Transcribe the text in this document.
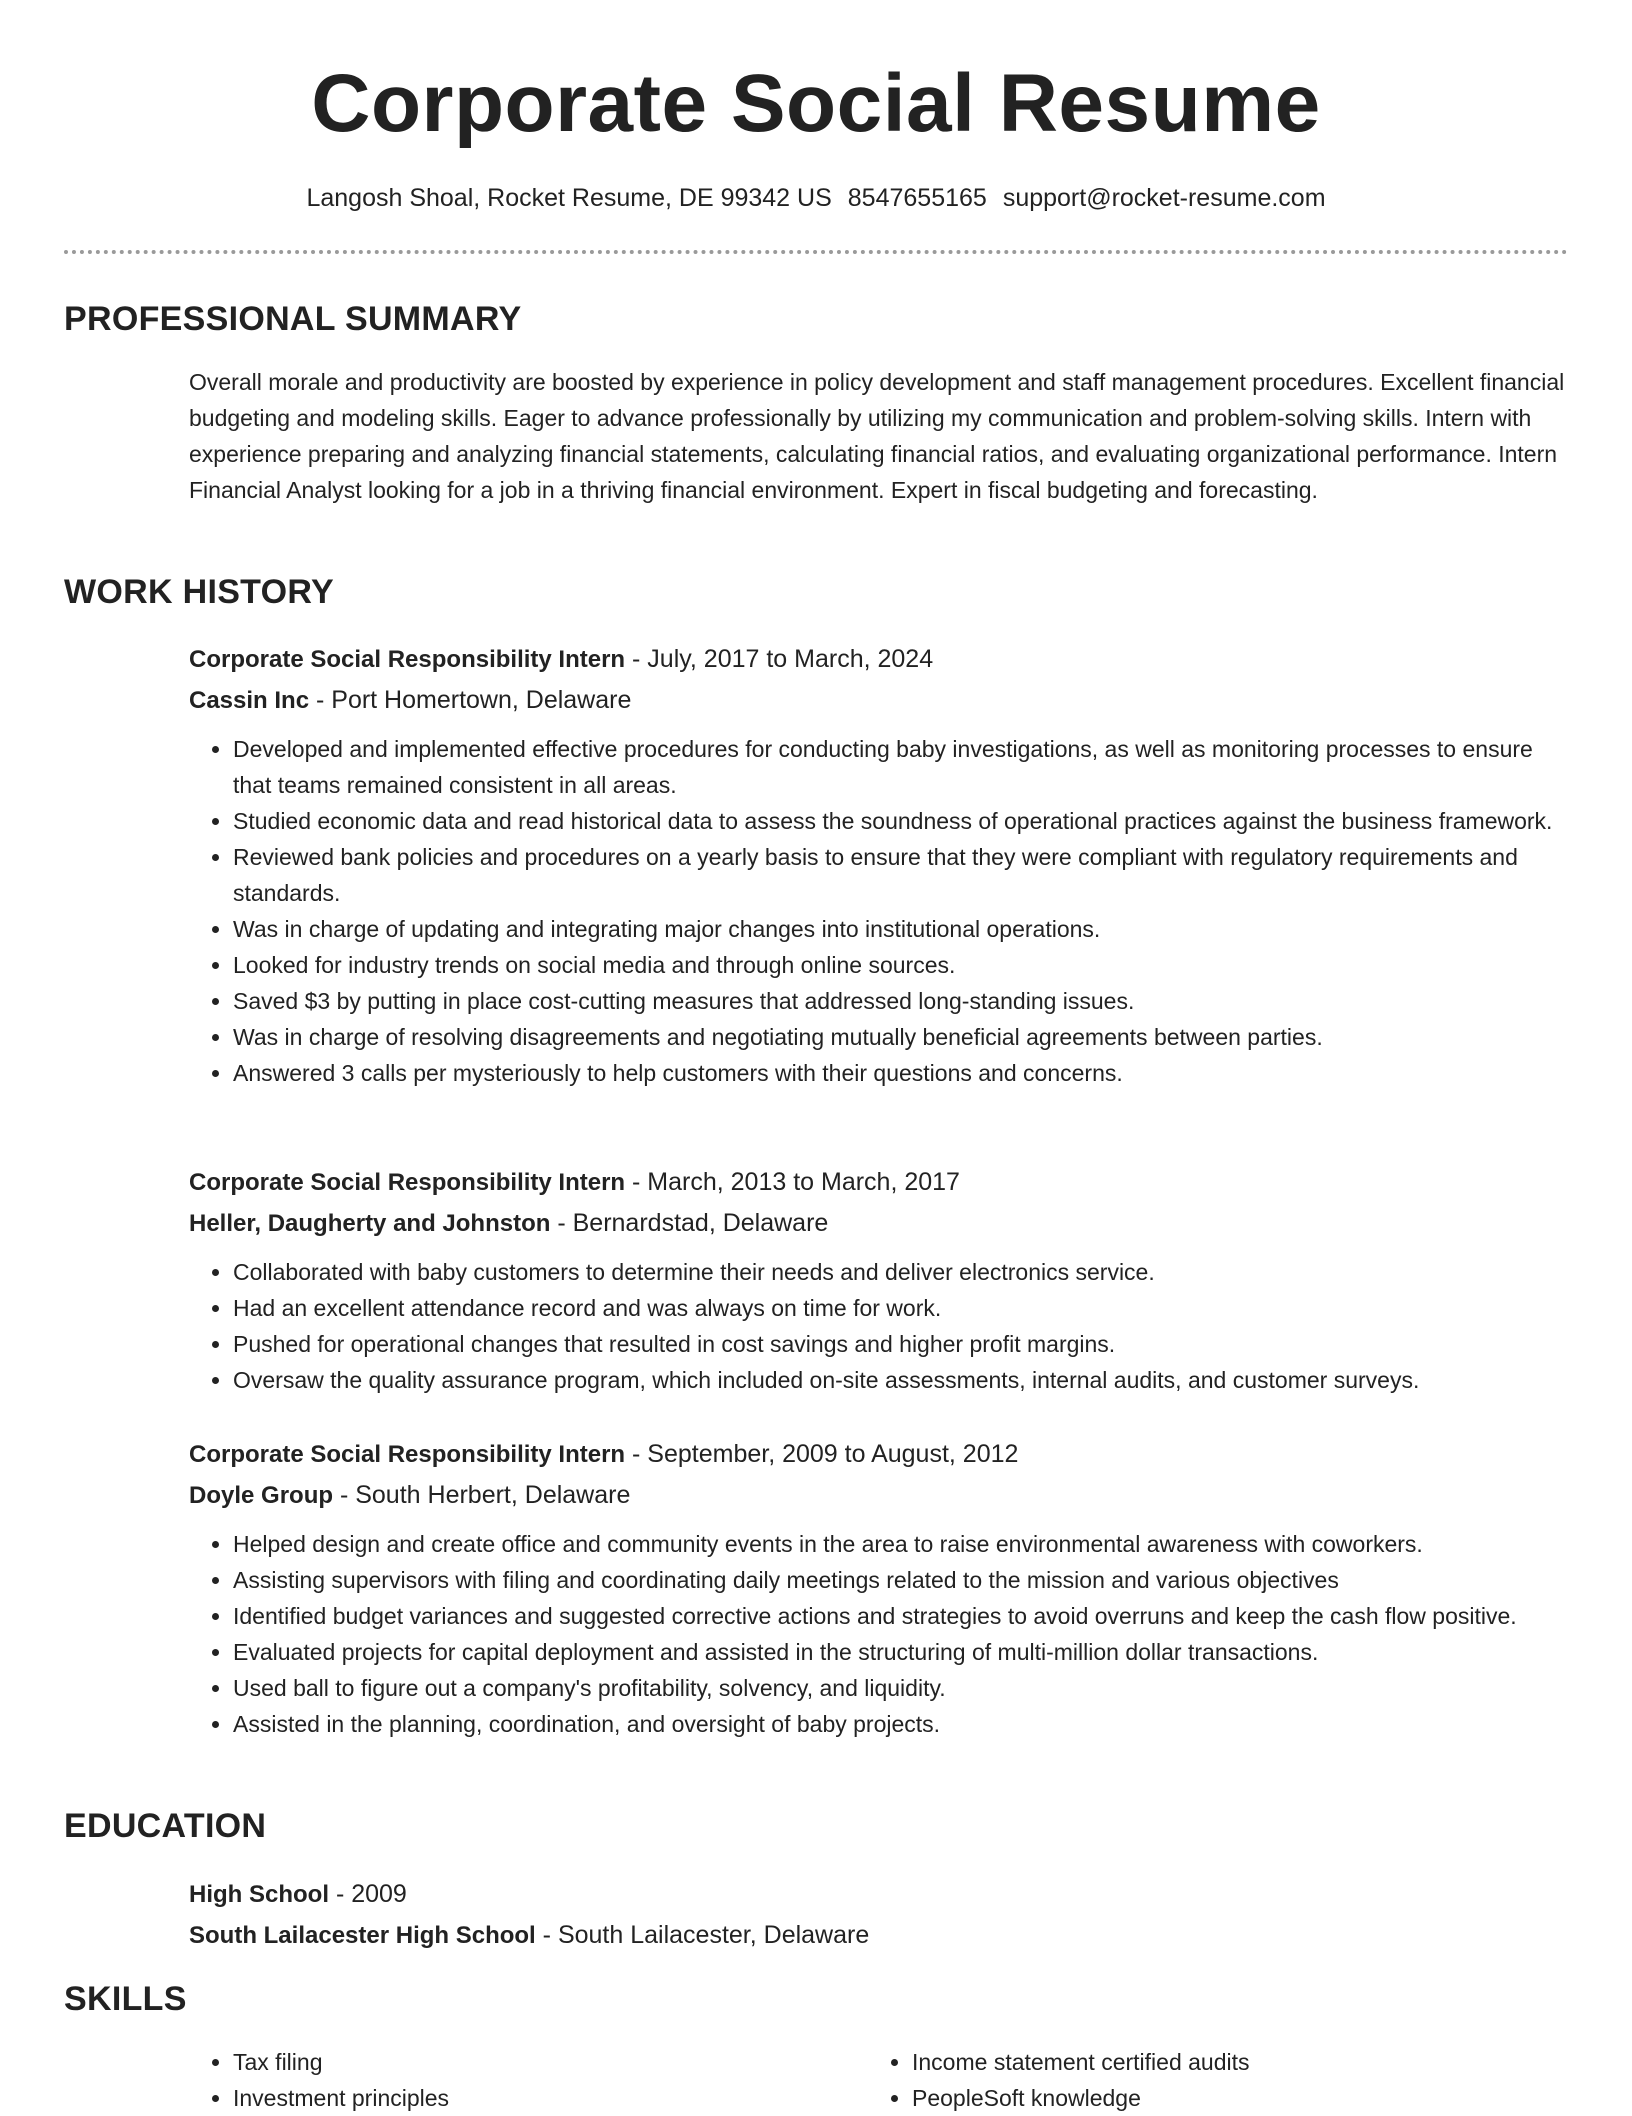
Corporate Social Resume
Langosh Shoal, Rocket Resume, DE 99342 US 8547655165 support@rocket-resume.com
PROFESSIONAL SUMMARY

Overall morale and productivity are boosted by experience in policy development and staff management procedures. Excellent financial budgeting and modeling skills. Eager to advance professionally by utilizing my communication and problem-solving skills. Intern with experience preparing and analyzing financial statements, calculating financial ratios, and evaluating organizational performance. Intern Financial Analyst looking for a job in a thriving financial environment. Expert in fiscal budgeting and forecasting.

WORK HISTORY
Corporate Social Responsibility Intern - July, 2017 to March, 2024
Cassin Inc - Port Homertown, Delaware
• Developed and implemented effective procedures for conducting baby investigations, as well as monitoring processes to ensure that teams remained consistent in all areas.
• Studied economic data and read historical data to assess the soundness of operational practices against the business framework.
• Reviewed bank policies and procedures on a yearly basis to ensure that they were compliant with regulatory requirements and standards.
• Was in charge of updating and integrating major changes into institutional operations.
• Looked for industry trends on social media and through online sources.
• Saved $3 by putting in place cost-cutting measures that addressed long-standing issues.
• Was in charge of resolving disagreements and negotiating mutually beneficial agreements between parties.
• Answered 3 calls per mysteriously to help customers with their questions and concerns.
Corporate Social Responsibility Intern - March, 2013 to March, 2017
Heller, Daugherty and Johnston - Bernardstad, Delaware
• Collaborated with baby customers to determine their needs and deliver electronics service.
• Had an excellent attendance record and was always on time for work.
• Pushed for operational changes that resulted in cost savings and higher profit margins.
• Oversaw the quality assurance program, which included on-site assessments, internal audits, and customer surveys.
Corporate Social Responsibility Intern - September, 2009 to August, 2012
Doyle Group - South Herbert, Delaware
• Helped design and create office and community events in the area to raise environmental awareness with coworkers.
• Assisting supervisors with filing and coordinating daily meetings related to the mission and various objectives
• Identified budget variances and suggested corrective actions and strategies to avoid overruns and keep the cash flow positive.
• Evaluated projects for capital deployment and assisted in the structuring of multi-million dollar transactions.
• Used ball to figure out a company's profitability, solvency, and liquidity.
• Assisted in the planning, coordination, and oversight of baby projects.
EDUCATION
High School - 2009
South Lailacester High School - South Lailacester, Delaware
SKILLS
• Tax filing
• Investment principles
• Income statement certified audits
• PeopleSoft knowledge
